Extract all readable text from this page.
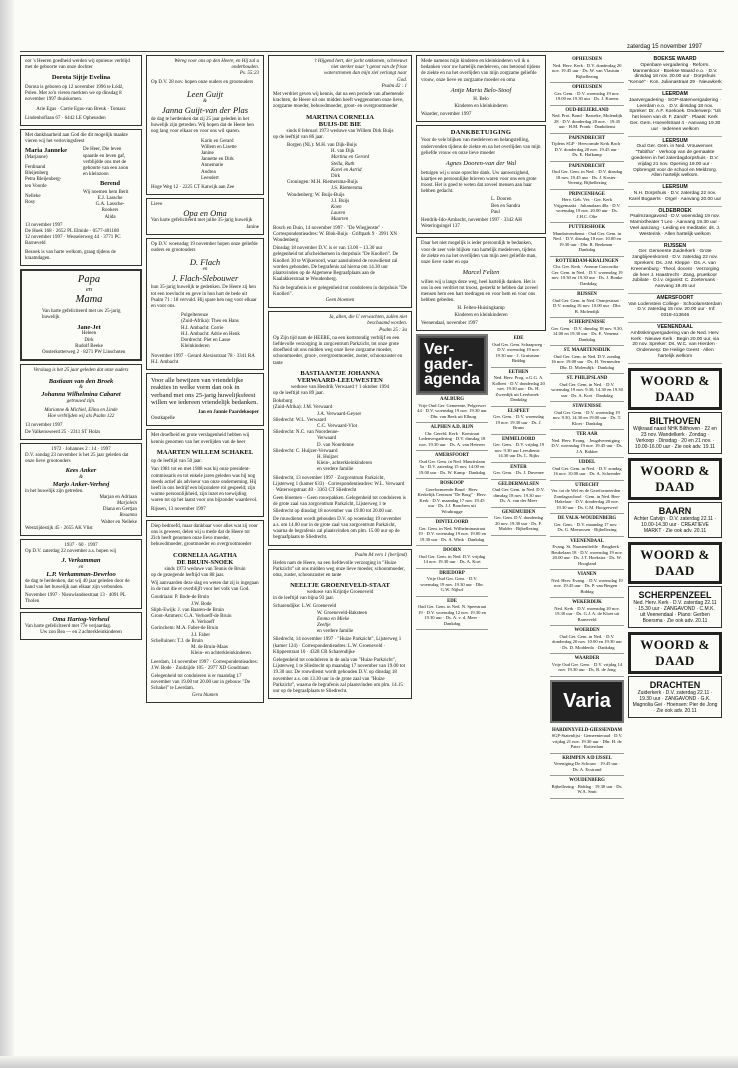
zaterdag 15 november 1997
oor 's Heeren goedheid werden wij opnieuw verblijd met de geboorte van onze dochter
Dorota Sijtje Evelina
Dorota is geboren op 12 november 1996 te Łódź, Polen. Met zo'n vieren merkten we op dinsdag 8 november 1997 thuiskomen.
Arie Egas · Carrie Egas-van Breuk · Tomasz
Lindenhoflaan 67 · 6442 LE Opheusden
Met dankbaarheid aan God die dit mogelijk maakte vieren wij het verlovingsfeest
Maria Janneke
(Marjanne)
Ferdinand
Bleijenberg
Petra Bleijenberg-
ten Voorde
Nelleke
Rosy
De Heer, Die leven
spaarde en leven gaf,
verblijdde ons met de
geboorte van een zoon
en kleinzoon
Berend
Wij noemen hem Berit
E.J. Lassche
G.A. Lassche-
Rookers
Alida
13 november 1997
De Hoek 168 · 2652 PL Elmide · 0577-401180
12 november 1997 · Wesselerweg 44 · 3771 PC Barneveld
Bezoek is van harte welkom, graag tijdens de kraamdagen.
Papa
en
Mama
Van harte gefeliciteerd met uw 25-jarig huwelijk
Jane-Jet
Heleen
Dirk
Rudolf Beeke
Oosterkotterweg 2 · 8271 PW Linschoten
Verslaag is het 25 jaar geleden dat onze ouders
Bastiaan van den Broek
&
Johanna Wilhelmina Cabaret
getrouwd zijn.
Marianne & Michiel, Elina en Linde
Hoe verblijden wij als Psalm 122
13 november 1997
De Valkensweerd 25 · 2311 ST Holzs
1972 · Johannes 2 : 14 · 1997
D.V. zondag 23 november is het 25 jaar geleden dat onze lieve grootouders
Kees Anker
&
Marjo Anker-Verhesj
in het huwelijk zijn getreden.
Marjan en Adriaan
Marjolein
Diana en Gertjan
Rosanna
Walter en Nelleke
Westzijdestijk 45 · 2655 AK Vlist
1937 · 60 · 1997
Op D.V. zaterdag 22 november a.s. hopen wij
J. Verkamman
en
L.P. Verkamman-Dewrloo
de dag te herdenken, dat wij 40 jaar geleden door de hand van het huwelijk aan elkaar zijn verbonden.
November 1997 · Nieuwlandsestraat 13 · 4091 PL Tholen
Oma Hartog-Verheul
Van harte gefeliciteerd met 77e verjaardag.
Uw zon Bea — en 2 achterkleinkinderen
Wereg voor ons op den Heere, en Hij zal u onderhouden.
Ps. 55:23
Op D.V. 28 nov. hopen onze ouders en grootouders
Leen Guijt
&
Janna Guijt-van der Plas
de dag te herdenken dat zij 25 jaar geleden in het huwelijk zijn getreden. Wij hopen dat de Heere hen nog lang voor elkaar en voor ons wil sparen.
Karin en Gerard
Willem en Lisette
Janine
Jannette en Dirk
Annemarie
Andrea
Leendert
Hoge Weg 12 · 2225 CT Katwijk aan Zee
Lieve
Opa en Oma
Van harte gefeliciteerd met jullie 35-jarig huwelijk
Janine
Op D.V. woensdag 19 november hopen onze geliefde ouders en grootouders
D. Flach
en
J. Flach-Slebouwer
hun 35-jarig huwelijk te gedenken. De Heere zij hen tot een toevlucht en geve in hun hart de bede uit Psalm 71 : 18 vervuld. Hij spare hen nog voor elkaar en voor ons.
Polgelterenze
(Zuid-Afrika): Theo en Hans
H.I. Ambacht: Corrie
H.I. Ambacht: Adrie en Henk
Dordrecht: Piet en Lasse
Kleinkinderen
November 1997 · Gerard Alexisstraat 78 · 3341 RA H.I. Ambacht
Voor alle bewijzen van vriendelijke reakties in welke vorm dan ook in verband met ons 25-jarig huwelijksfeest willen we iedereen vriendelijk bedanken.
Jan en Jannie Paardekooper
Oostkapelle
Met droefheid en grote verslagenheid hebben wij kennis genomen van het overlijden van de heer
MAARTEN WILLEM SCHAKEL
op de leeftijd van 50 jaar.
Van 1981 tot en met 1988 was hij onze president-commissaris en tot enkele jaren geleden was hij nog steeds actief als adviseur van onze onderneming. Hij heeft in ons bedrijf een bijzondere rol gespeeld; zijn warme persoonlijkheid, zijn inzet en toewijding waren tot op het laatst voor ons bijzonder waardevol.
Rijssen, 13 november 1997
Diep bedroefd, maar dankbaar voor alles wat zij voor ons is geweest, delen wij u mede dat de Heere tot Zich heeft genomen onze lieve moeder, behuwdmoeder, grootmoeder en overgrootmoeder
CORNELIA AGATHA
DE BRUIN-SNOEK
sinds 1973 weduwe van Teunis de Bruin
op de gezegende leeftijd van 88 jaar.
Wij aanvaarden deze slag en weten dat zij is ingegaan in de rust die er overblijft voor het volk van God.
Goudriaan: P. Bode-de Bruin
J.W. Bode
Sliph-Ewijk: J. van Baaren-de Bruin
Groot-Ammers: G.A. Verhoeff-de Bruin
A. Verhoeff
Gorinchem: M.A. Faber-de Bruin
J.J. Faber
Schelluinen: T.J. de Bruin
M. de Bruin-Maas
Klein- en achterkleinkinderen
Leerdam, 14 november 1997 · Correspondentieadres: J.W. Bode · Zuidzijde 105 · 2977 XD Goudriaan
Gelegenheid tot condoleren is er maandag 17 november van 19.00 tot 20.00 uur in gebouw "De Schakel" te Leerdam.
Gera blumen
't Hijgend hert, der jacht ontkomen, schreeuwt niet sterker naar 't genot van de frisse waterstromen dan mijn ziel verlangt naar God.
Psalm 42 : 1
Met verdriet geven wij kennis, dat na een periode van afnemende krachten, de Heere uit ons midden heeft weggenomen onze lieve, zorgzame moeder, behuwdmoeder, groot- en overgrootmoeder
MARTINA CORNELIA
BUIJS-DE BIE
sinds 8 februari 1973 weduwe van Willem Dirk Buijs
op de leeftijd van 86 jaar.
Borgen (NL): M.H. van Dijk-Buijs
H. van Dijk
Martina en Gerard
Stella, Ruth
Karel en Astrid
Dirk
Groningen: M.H. Riemersma-Buijs
J.S. Riemersma
Woudenberg: W. Buijs-Buijs
J.J. Buijs
Koen
Lauren
Maarten
Bosch en Duin, 14 november 1997 · "De Wiegjenste" · Correspondentieadres: W. Blok-Buijs · Griftpark 9 · 3991 XN Woudenberg
Dinsdag 18 november D.V. is er van 13.00 – 13.30 uur gelegenheid tot afscheidnemen in dorpshuis "De Knolleri". De Knolleri 30 te Wijkeroord, waar aansluitend de rouwdienst zal worden gehouden. De begrafenis zal hierna om 14.30 uur plaatsvinden op de Algemene Begraafplaats aan de Kaalakkerstraat te Woudenberg.
Na de begrafenis is er gelegenheid tot condoleren in dorpshuis "De Knolleri".
Geen bloemen
Ja, allen, die U verwachten, zullen niet beschaamd worden.
Psalm 25 : 3a
Op Zijn tijd nam de HEERE, na een kortstondig verblijf en een liefdevolle verzorging in zorgcentrum Parkzicht, tot onze grote droefheid uit ons midden weg onze lieve zorgzame moeder, schoonmoeder, groot-, overgrootmoeder, zuster, schoonzuster en tante
BASTIAANTJE JOHANNA
VERWAARD-LEEUWESTEN
weduwe van Hendrik Verwaard † 1 oktober 1994
op de leeftijd van 89 jaar.
Boksburg
(Zuid-Afrika): J.M. Verwaard
J.A. Verwaard-Geyser
Sliedrecht: W.L. Verwaard
C.C. Verwaard-Vlot
Sliedrecht: N.C. van Noordenne-
Verwaard
D. van Noordenne
Sliedrecht: C. Huijzer-Verwaard
H. Huijzer
Klein-, achterkleinkinderen
en verdere familie
Sliedrecht, 13 november 1997 · Zorgcentrum Parkzicht, Lijsterweg 1 (kamer 633) · Correspondentieadres: W.L. Verwaard · Waterwegstraat 40 · 3363 CT Sliedrecht
Geen bloemen – Geen rouwpakken. Gelegenheid tot condoleren is de grote zaal van zorgcentrum Parkzicht, Lijsterweg 1 te Sliedrecht op dinsdag 18 november van 19.00 tot 20.00 uur.
De rouwdienst wordt gehouden D.V. op woensdag 19 november a.s. om 14.00 uur in de grote zaal van zorgcentrum Parkzicht, waarna de begrafenis zal plaatsvinden om plm. 15.00 uur op de begraafplaats te Sliedrecht.
Psalm 84 vers 1 (berijmd)
Heden nam de Heere, na een liefdevolle verzorging in "Huize Parkzicht" uit ons midden weg onze lieve moeder, schoonmoeder, oma, zuster, schoonzuster en tante
NEELTJE GROENEVELD-STAAT
weduwe van Krijntje Groeneveld
in de leeftijd van bijna 93 jaar.
Scharendijke: L.W. Groeneveld
W. Groeneveld-Baksteen
Emma en Mieke
Zeeltje
en verdere familie
Sliedrecht, 14 november 1997 · "Huize Parkzicht", Lijsterweg 1 (kamer 124) · Correspondentieadres: L.W. Groeneveld · Klipperstraat 10 · 4328 CB Scharendijke
Gelegenheid tot condoleren in de aula van "Huize Parkzicht", Lijsterweg 1 te Sliedrecht op maandag 17 november van 19.00 tot 19.30 uur. De rouwdienst wordt gehouden D.V. op dinsdag 18 november a.s. om 13.30 uur in de grote zaal van "Huize Parkzicht", waarna de begrafenis zal plaatsvinden om plm. 14.15 uur op de begraafplaats te Sliedrecht.
Mede namens mijn kinderen en kleinkinderen wil ik u bedanken voor uw hartelijk medeleven, ons betoond tijdens de ziekte en na het overlijden van mijn zorgzame geliefde vrouw, onze lieve en zorgzame moeder en oma
Antje Maria Belo-Stoof
H. Belo
Kinderen en kleinkinderen
Waarder, november 1997
DANKBETUIGING
Voor de vele blijken van medeleven en belangstelling, ondervonden tijdens de ziekte en na het overlijden van mijn geliefde vrouw en onze lieve moeder
Agnes Dooren-van der Wal
betuigen wij u onze oprechte dank. Uw aanwezigheid, kaartjes en persoonlijke brieven waren voor ons een grote troost. Het is goed te weten dat zoveel mensen aan haar hebben gedacht.
L. Dooren
Ben en Sandra
Paul
Hendrik-Ido-Ambacht, november 1997 · 3342 AH Weteringsingel 137
Daar het niet mogelijk is ieder persoonlijk te bedanken, voor de zeer vele blijken van hartelijk medeleven, tijdens de ziekte en na het overlijden van mijn zeer geliefde man, onze lieve vader en opa
Marcel Felten
willen wij u langs deze weg, heel hartelijk danken. Het is ons in een verdriet tot troost, gesterkt te hebben dat zoveel mensen hem een hart toedragen en voor hem en voor ons hebben gebeden.
H. Felten-Huisingkamp
Kinderen en kleinkinderen
Veenendaal, november 1997
Ver-
gader-
agenda
AALBURG
Vrije Oud Ger. Gemeente, Pelgerwei 44 · D.V. woensdag 19 nov. 19.30 uur · Dhr. van Beek uit Elburg
ALPHEN A.D. RIJN
Chr. Gerefd. Kerk · Koestraat Ledenvergadering · D.V. dinsdag 18 nov. 19.30 uur · Ds. A. van Heteren
AMERSFOORT
Oud Ger. Gem. in Ned. Mauritslaan 5a · D.V. zaterdag 15 nov. 14.00 en 19.00 uur · Ds. W. Kamp · Dankdag
BOSKOOP
Gereformeerde Bond · Herv. Kerkelijk Centrum "De Brug" · Herv. Kerk · D.V. maandag 17 nov. 19.45 uur · Ds. J.J. Bouchers uit Woubrugge
DINTELOORD
Ger. Gem. in Ned. Wilhelminastraat 19 · D.V. woensdag 19 nov. 19.00 en 19.30 uur · Ds. A. Wink · Dankdag
DOORN
Oud Ger. Gem. in Ned. D.V. vrijdag 14 nov. 19.30 uur · Ds. A. Kort
DRIEDORP
Vrije Oud Ger. Gem. · D.V. woensdag 19 nov. 19.30 uur · Dhr. G.W. Nijhof
EDE
Oud Ger. Gem. in Ned. N. Speestraat 19 · D.V. woensdag 12 nov. 19.30 en 19.30 uur · Ds. A. v. d. Meer · Dankdag
EDE
Oud Ger. Gem. Schaapweg · D.V. woensdag 19 nov. 19.30 uur · J. Gruisman · Biddag
EETHEN
Ned. Herv. Prog. o.G.G. A. Kolbert · D.V. donderdag 20 nov. 19.30 uur · Ds. H. Zweedijk uit Leerbroek · Dankdag
ELSPEET
Ger. Gem. · D.V. woensdag 19 nov. 19.30 uur · Ds. J. Bruns
EMMELOORD
Ger. Gem. · D.V. vrijdag 19 nov. 9.30 uur Leesdienst · 14.30 uur Ds. L. Rijks
ENTER
Ger. Gem. · Ds. J. Duvenee
GELDERMALSEN
Oud Ger. Gem. in Ned. D.V. dinsdag 18 nov. 19.30 uur · Ds. A. van der Meer
GENEMUIDEN
Ger. Gem. D.V. donderdag 20 nov. 19.30 uur · Ds. F. Mulder · Bijbellezing
OPHEUSDEN
Ned. Herv. Kerk · D.V. donderdag 20 nov. 19.45 uur · Ds. W. van Vlastuin · Bijbellezing
OPHEUSDEN
Ger. Gem. · D.V. woensdag 19 nov. 19.00 en 19.30 uur · Ds. J. Karens
OUD-BEIJERLAND
Ned. Prot. Bond · Baroeke, Molendijk 28 · D.V. donderdag 20 nov. · 19.45 uur · H.M. Pronk · Dankdienst
PAPENDRECHT
Tijdens SGP · Hervormde Kerk Bach · D.V. donderdag 20 nov. 19.45 uur · Ds. E. Hafkamp
PAPENDRECHT
Oud Ger. Gem. in Ned. · D.V. dinsdag 18 nov. 19.45 uur · Ds. J. Koster · Verenig. Bijbellezing
PRINCENHAGE
Herv. Geb. Ver. · Ger. Kerk Vrijgemaakt · Julianalaan 48a · D.V. woensdag 19 nov. 20.00 uur · Ds. J.H.C. Olie
PUTTERSHOEK
Mandatvendienst · Oud Ger. Gem. in Ned. · D.V. dinsdag 18 nov. 10.00 en 19.30 uur · Dhr. R. Beekman · Dankdag
ROTTERDAM-KRALINGEN
Chr. Ger. Kerk · Avenue Concordia · Ger. Gem. in Ned. · D.V. woensdag 19 nov. 10.30 en 19.30 uur · Ds. J. Bonke · Dankdag
RIJSSEN
Oud Ger. Gem. in Ned. Oranjestraat · D.V. zondag 16 nov. 10.00 uur · Dhr. B. Molendijk
SCHERPENISSE
Ger. Gem. · D.V. dinsdag 18 nov. 9.30, 14.00 en 19.30 uur · Ds. E. Venema · Dankdag
ST. MAARTENSDIJK
Oud Ger. Gem. in Ned. D.V. zondag 16 nov. 19.00 uur · Ds. H. Vermeulen · Dhr. D. Molendijk · Dankdag
ST. PHILIPSLAND
Oud Ger. Gem. in Ned. · D.V. woensdag 19 nov. 9.30, 14.30 en 19.30 uur · Ds. A. Kort · Dankdag
STAVENISSE
Oud Ger. Gem. · D.V. woensdag 19 nov. 9.30, 14.30 en 19.00 uur · Ds. T. Kloet · Dankdag
TER AAR
Ned. Herv. Evang. · Jeugdvereniging · D.V. woensdag 19 nov. 19.45 uur · Ds. J.A. Bakker
UDDEL
Oud Ger. Gem. in Ned. · D.V. zondag 16 nov. 10.00 uur · Ds. A. Schreuder
UTRECHT
Ver. tot de Wel en de Gereformeerden · Zondagsschool · Gem. in Ned. Ben-Hakelaar · D.V. donderdag 20 nov. 19.30 uur · Ds. C.M. Hoogerwerf
DE VALK-WOUDENBERG
Ger. Gem. · D.V. maandag 17 nov. · Ds. G. Meeuwsen · Bijbellezing
VEENENDAAL
Evang. St. Naastenliefde · Brugkerk · Beukelaan 18 · D.V. woensdag 19 nov. 20.00 uur · Ds. J.T. Hoekstra · Ds. W. Hoogland
VIANEN
Ned. Herv. Evang. · D.V. woensdag 19 nov. 19.45 uur · Ds. P. van Bergen · Biddag
WEKERDIJK
Ned. Kerk · D.V. woensdag 20 nov. 19.30 uur · Ds. G.J. A. de Kloet uit Barneveld
WOERDEN
Oud Ger. Gem. in Ned. · D.V. donderdag 20 nov. 10.00 en 19.30 uur · Ds. D. Moddenlo · Dankdag
WAARDER
Vrije Oud Ger. Gem. · D.V. vrijdag 14 nov. 19.30 uur · Ds. B. de Jong
Varia
HARDINXVELD-GIESSENDAM
SGP-Statenlijst · Gemeenteraad · D.V. vrijdag 21 nov. 19.30 uur · Dhr. H. de Pater · Rotterdam
KRIMPEN A/D IJSSEL
Vereniging De Schouw · 19.45 uur · Ds. A. Ecstrand
WOUDENBERG
Bijbellezing · Biddag · 19.30 uur · Ds. W.A. Smit
BOEKSE WAARD
Openbare vergadering · Reform. Mannenkoor · Boekse Waard e.o. · D.V. dinsdag 18 nov. 20.00 uur · Dorpshuis "Kenoë" · Kon. Julianastraat 29 · Nieuwkerk
LEERDAM
Jaarvergadering · SGP-statenvergadering · Leerdam e.o. · D.V. dinsdag 18 nov. Spreker: Dr. A.F. Koekoek. Onderwerp: "Uit het leven van dr. F. Zandt" · Plaats: Kerk Ger. Gem. Hoevelstraat 4 · Aanvang 19.30 uur · Iedereen welkom
LEERSUM
Oud Ger. Gem. in Ned. Vrouwenver. "Tabitha" · Verkoop van de gemaakte goederen in het zaterdagdorpshuis · D.V. vrijdag 21 nov. Opening 19.00 uur · Opbrengst voor de school en Meldzorg. Allen hartelijk welkom.
LEERSUM
N.H. Dorpshuis · D.V. zaterdag 22 nov. Karel Bogaerts · Orgel · Aanvang 20.00 uur
OLDEBROEK
Psalmzangavond · D.V. woensdag 19 nov. Marnixtheater 't Leo · Aanvang 19.30 uur · Veel aanzang · Leiding en meditatie: ds. J. Westerink · Allen hartelijk welkom
RIJSSEN
Ger. Gemeente Zuiderkerk · Grote zangbijeenkomst · D.V. zaterdag 22 nov. Sprekers: Ds. J.M. Kleppe · Ds. A. van Kreenenburg · Theol. docent · Verzorging de heer J. Haastrecht · Zang, pruetkoor Jubilate · O.l.v. organist: C. Zoetemans · Aanvang 19.45 uur
AMERSFOORT
Van Lodenstein College · Schoolamsterdam · D.V. zaterdag 15 nov. 20.00 uur · Inf: 0318-413646
VEENENDAAL
Ambtskringvergadering van de Ned. Herv. Kerk · Nieuwe Kerk · Begin 20.00 uur, via 20 nov. Spreker: Ds. W.C. van Hierden · Onderwerp: De Heilige Geest · Allen hartelijk welkom
WOORD & DAAD
BILTHOVEN
Wijkraad naast NHK Bilthoven · 22 en 23 nov. Wandelkerk · Zondag · Verkoop · Dinsdag · 20 en 21 nov. · 10.00-16.00 uur · Zie ook adv. 19.11
WOORD & DAAD
BAARN
Achter Catvijn · D.V. zaterdag 22.11 · 10.00-14.30 uur · CREATIEVE MARKT · Zie ook adv. 20.11
WOORD & DAAD
SCHERPENZEEL
Ned. Herv. Kerk · D.V. zaterdag 22.11 · 15.30 uur · ZANGAVOND · C.M.K. uit Veenendaal · Piano: Gerben Boersma · Zie ook adv. 20.11
WOORD & DAAD
DRACHTEN
Zuiderkerk · D.V. zaterdag 22.11 · 19.30 uur · ZANGAVOND · G.K. Magnolia Gei · Hoensen: Pier de Jong · Zie ook adv. 20.11
